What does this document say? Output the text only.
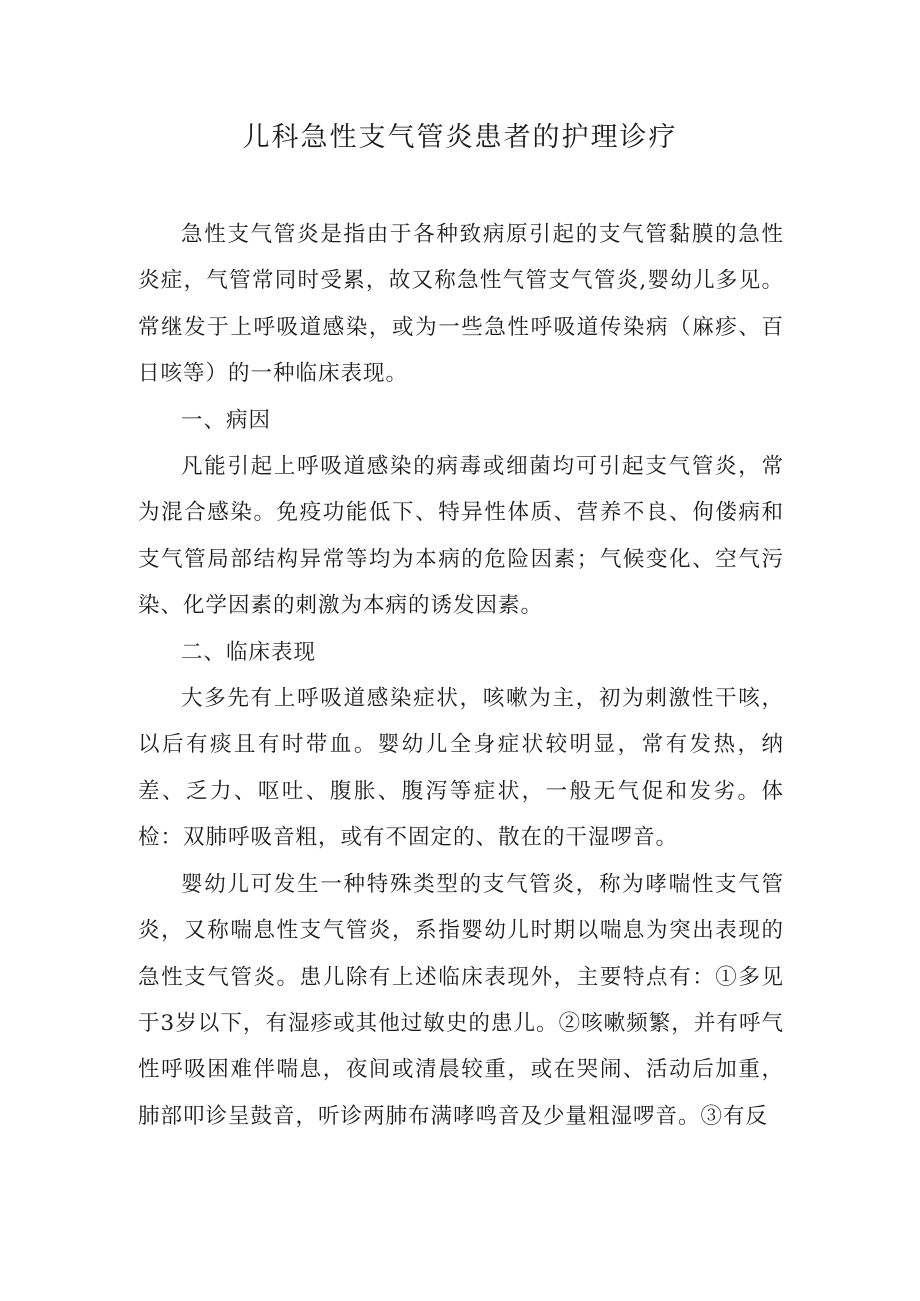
儿科急性支气管炎患者的护理诊疗

急性支气管炎是指由于各种致病原引起的支气管黏膜的急性炎症，气管常同时受累，故又称急性气管支气管炎,婴幼儿多见。常继发于上呼吸道感染，或为一些急性呼吸道传染病（麻疹、百日咳等）的一种临床表现。

一、病因

凡能引起上呼吸道感染的病毒或细菌均可引起支气管炎，常为混合感染。免疫功能低下、特异性体质、营养不良、佝偻病和支气管局部结构异常等均为本病的危险因素；气候变化、空气污染、化学因素的刺激为本病的诱发因素。

二、临床表现

大多先有上呼吸道感染症状，咳嗽为主，初为刺激性干咳，以后有痰且有时带血。婴幼儿全身症状较明显，常有发热，纳差、乏力、呕吐、腹胀、腹泻等症状，一般无气促和发劣。体检：双肺呼吸音粗，或有不固定的、散在的干湿啰音。

婴幼儿可发生一种特殊类型的支气管炎，称为哮喘性支气管炎，又称喘息性支气管炎，系指婴幼儿时期以喘息为突出表现的急性支气管炎。患儿除有上述临床表现外，主要特点有：①多见于3岁以下，有湿疹或其他过敏史的患儿。②咳嗽频繁，并有呼气性呼吸困难伴喘息，夜间或清晨较重，或在哭闹、活动后加重，肺部叩诊呈鼓音，听诊两肺布满哮鸣音及少量粗湿啰音。③有反
